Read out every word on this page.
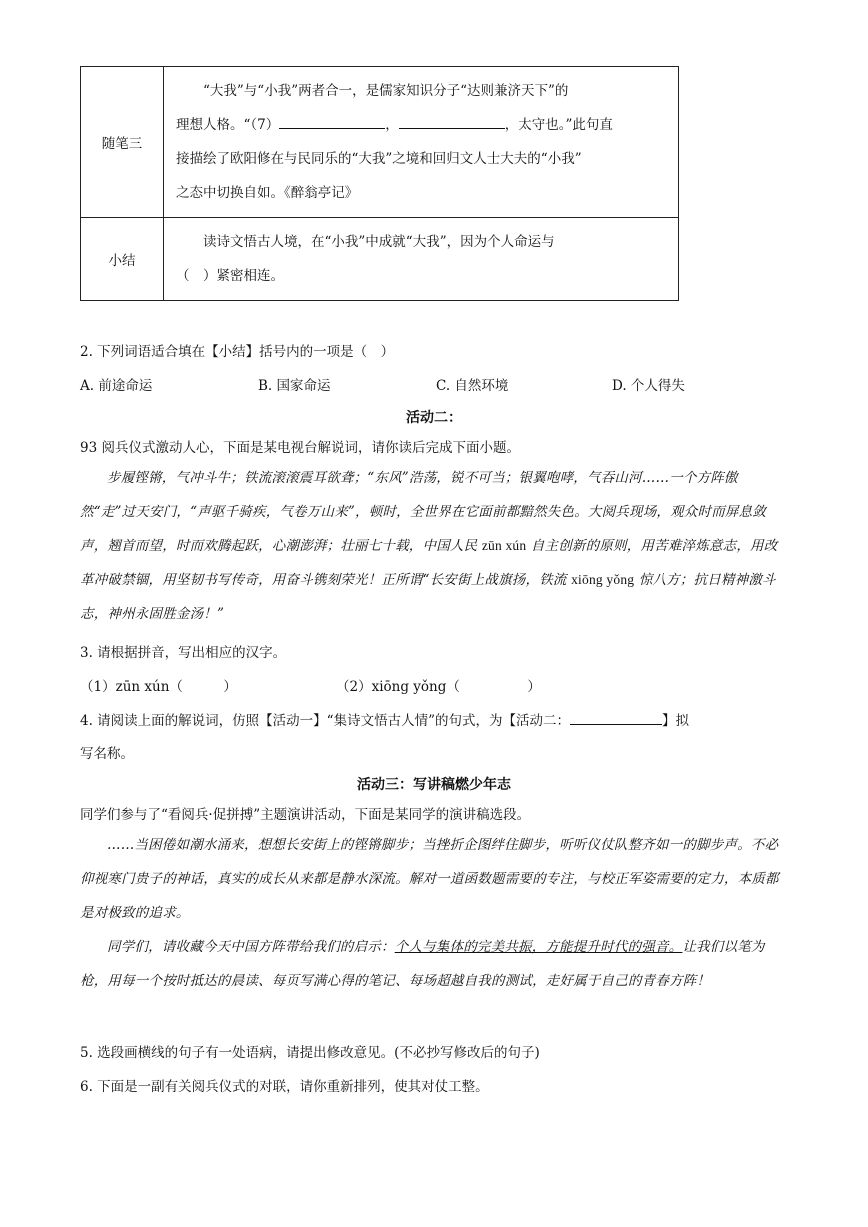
随笔三	“大我”与“小我”两者合一，是儒家知识分子“达则兼济天下”的
理想人格。“（7） ， ，太守也。”此句直
接描绘了欧阳修在与民同乐的“大我”之境和回归文人士大夫的“小我”
之态中切换自如。《醉翁亭记》

小结	读诗文悟古人境，在“小我”中成就“大我”，因为个人命运与
（　）紧密相连。
2. 下列词语适合填在【小结】括号内的一项是（　）
A. 前途命运	B. 国家命运	C. 自然环境	D. 个人得失
活动二：
93 阅兵仪式激动人心，下面是某电视台解说词，请你读后完成下面小题。
步履铿锵，气冲斗牛；铁流滚滚震耳欲聋；“东风”浩荡，锐不可当；银翼咆哮，气吞山河……一个方阵傲然“走”过天安门，“声驱千骑疾，气卷万山来”，顿时，全世界在它面前都黯然失色。大阅兵现场，观众时而屏息敛声，翘首而望，时而欢腾起跃，心潮澎湃；壮丽七十载，中国人民 zūn xún 自主创新的原则，用苦难淬炼意志，用改革冲破禁锢，用坚韧书写传奇，用奋斗镌刻荣光！正所谓“长安街上战旗扬，铁流 xiōng yǒng 惊八方；抗日精神激斗志，神州永固胜金汤！”
3. 请根据拼音，写出相应的汉字。
（1）zūn xún（　　　）	（2）xiōng yǒng（　　　　　）
4. 请阅读上面的解说词，仿照【活动一】“集诗文悟古人情”的句式，为【活动二：	】拟
写名称。
活动三：写讲稿燃少年志
同学们参与了“看阅兵·促拼搏”主题演讲活动，下面是某同学的演讲稿选段。
……当困倦如潮水涌来，想想长安街上的铿锵脚步；当挫折企图绊住脚步，听听仪仗队整齐如一的脚步声。不必仰视寒门贵子的神话，真实的成长从来都是静水深流。解对一道函数题需要的专注，与校正军姿需要的定力，本质都是对极致的追求。
同学们，请收藏今天中国方阵带给我们的启示：个人与集体的完美共振，方能提升时代的强音。让我们以笔为枪，用每一个按时抵达的晨读、每页写满心得的笔记、每场超越自我的测试，走好属于自己的青春方阵！
5. 选段画横线的句子有一处语病，请提出修改意见。(不必抄写修改后的句子)
6. 下面是一副有关阅兵仪式的对联，请你重新排列，使其对仗工整。
